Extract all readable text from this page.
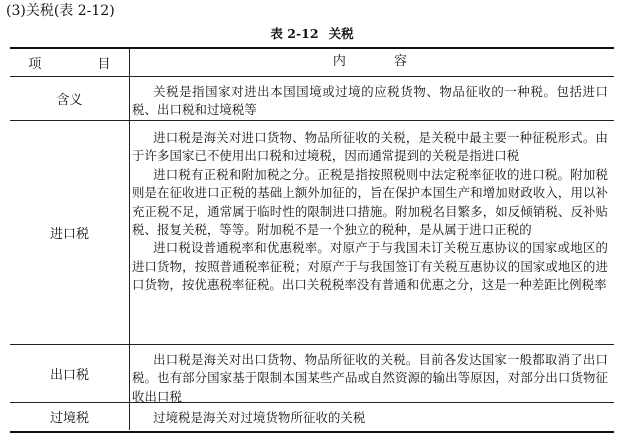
(3)关税(表 2-12)
表 2-12 关税
项 目	内 容
含义

关税是指国家对进出本国国境或过境的应税货物、物品征收的一种税。包括进口税、出口税和过境税等

进口税

进口税是海关对进口货物、物品所征收的关税，是关税中最主要一种征税形式。由于许多国家已不使用出口税和过境税，因而通常提到的关税是指进口税

进口税有正税和附加税之分。正税是指按照税则中法定税率征收的进口税。附加税则是在征收进口正税的基础上额外加征的，旨在保护本国生产和增加财政收入，用以补充正税不足，通常属于临时性的限制进口措施。附加税名目繁多，如反倾销税、反补贴税、报复关税，等等。附加税不是一个独立的税种，是从属于进口正税的

进口税设普通税率和优惠税率。对原产于与我国未订关税互惠协议的国家或地区的进口货物，按照普通税率征税；对原产于与我国签订有关税互惠协议的国家或地区的进口货物，按优惠税率征税。出口关税税率没有普通和优惠之分，这是一种差距比例税率

出口税

出口税是海关对出口货物、物品所征收的关税。目前各发达国家一般都取消了出口税。也有部分国家基于限制本国某些产品或自然资源的输出等原因，对部分出口货物征收出口税

过境税	过境税是海关对过境货物所征收的关税
